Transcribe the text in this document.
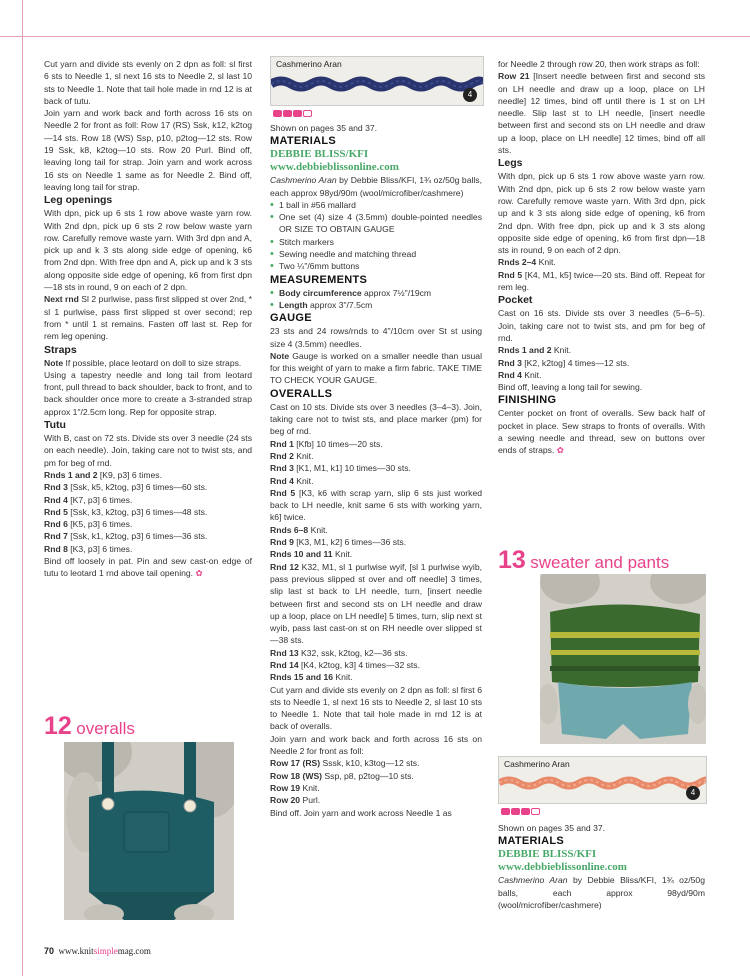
Cut yarn and divide sts evenly on 2 dpn as foll: sl first 6 sts to Needle 1, sl next 16 sts to Needle 2, sl last 10 sts to Needle 1. Note that tail hole made in rnd 12 is at back of tutu.

Join yarn and work back and forth across 16 sts on Needle 2 for front as foll: Row 17 (RS) Ssk, k12, k2tog—14 sts. Row 18 (WS) Ssp, p10, p2tog—12 sts. Row 19 Ssk, k8, k2tog—10 sts. Row 20 Purl. Bind off, leaving long tail for strap. Join yarn and work across 16 sts on Needle 1 same as for Needle 2. Bind off, leaving long tail for strap.

Leg openings

With dpn, pick up 6 sts 1 row above waste yarn row. With 2nd dpn, pick up 6 sts 2 row below waste yarn row. Carefully remove waste yarn. With 3rd dpn and A, pick up and k 3 sts along side edge of opening, k6 from 2nd dpn. With free dpn and A, pick up and k 3 sts along opposite side edge of opening, k6 from first dpn—18 sts in round, 9 on each of 2 dpn.

Next rnd Sl 2 purlwise, pass first slipped st over 2nd, * sl 1 purlwise, pass first slipped st over second; rep from * until 1 st remains. Fasten off last st. Rep for rem leg opening.

Straps

Note If possible, place leotard on doll to size straps.

Using a tapestry needle and long tail from leotard front, pull thread to back shoulder, back to front, and to back shoulder once more to create a 3-stranded strap approx 1"/2.5cm long. Rep for opposite strap.

Tutu

With B, cast on 72 sts. Divide sts over 3 needle (24 sts on each needle). Join, taking care not to twist sts, and pm for beg of rnd.

Rnds 1 and 2 [K9, p3] 6 times.

Rnd 3 [Ssk, k5, k2tog, p3] 6 times—60 sts.

Rnd 4 [K7, p3] 6 times.

Rnd 5 [Ssk, k3, k2tog, p3] 6 times—48 sts.

Rnd 6 [K5, p3] 6 times.

Rnd 7 [Ssk, k1, k2tog, p3] 6 times—36 sts.

Rnd 8 [K3, p3] 6 times.

Bind off loosely in pat. Pin and sew cast-on edge of tutu to leotard 1 rnd above tail opening. ✿

12 overalls
Cashmerino Aran
4

Shown on pages 35 and 37.

MATERIALS
DEBBIE BLISS/KFI
www.debbieblissonline.com

Cashmerino Aran by Debbie Bliss/KFI, 1¾ oz/50g balls, each approx 98yd/90m (wool/microfiber/cashmere)

• 1 ball in #56 mallard
• One set (4) size 4 (3.5mm) double-pointed needles OR SIZE TO OBTAIN GAUGE
• Stitch markers
• Sewing needle and matching thread
• Two ¼"/6mm buttons
MEASUREMENTS
• Body circumference approx 7½"/19cm
• Length approx 3"/7.5cm
GAUGE

23 sts and 24 rows/rnds to 4"/10cm over St st using size 4 (3.5mm) needles.

Note Gauge is worked on a smaller needle than usual for this weight of yarn to make a firm fabric. TAKE TIME TO CHECK YOUR GAUGE.

OVERALLS

Cast on 10 sts. Divide sts over 3 needles (3–4–3). Join, taking care not to twist sts, and place marker (pm) for beg of rnd.

Rnd 1 [Kfb] 10 times—20 sts.

Rnd 2 Knit.

Rnd 3 [K1, M1, k1] 10 times—30 sts.

Rnd 4 Knit.

Rnd 5 [K3, k6 with scrap yarn, slip 6 sts just worked back to LH needle, knit same 6 sts with working yarn, k6] twice.

Rnds 6–8 Knit.

Rnd 9 [K3, M1, k2] 6 times—36 sts.

Rnds 10 and 11 Knit.

Rnd 12 K32, M1, sl 1 purlwise wyif, [sl 1 purlwise wyib, pass previous slipped st over and off needle] 3 times, slip last st back to LH needle, turn, [insert needle between first and second sts on LH needle and draw up a loop, place on LH needle] 5 times, turn, slip next st wyib, pass last cast-on st on RH needle over slipped st—38 sts.

Rnd 13 K32, ssk, k2tog, k2—36 sts.

Rnd 14 [K4, k2tog, k3] 4 times—32 sts.

Rnds 15 and 16 Knit.

Cut yarn and divide sts evenly on 2 dpn as foll: sl first 6 sts to Needle 1, sl next 16 sts to Needle 2, sl last 10 sts to Needle 1. Note that tail hole made in rnd 12 is at back of overalls.

Join yarn and work back and forth across 16 sts on Needle 2 for front as foll:

Row 17 (RS) Sssk, k10, k3tog—12 sts.

Row 18 (WS) Ssp, p8, p2tog—10 sts.

Row 19 Knit.

Row 20 Purl.

Bind off. Join yarn and work across Needle 1 as

for Needle 2 through row 20, then work straps as foll:

Row 21 [Insert needle between first and second sts on LH needle and draw up a loop, place on LH needle] 12 times, bind off until there is 1 st on LH needle. Slip last st to LH needle, [insert needle between first and second sts on LH needle and draw up a loop, place on LH needle] 12 times, bind off all sts.

Legs

With dpn, pick up 6 sts 1 row above waste yarn row. With 2nd dpn, pick up 6 sts 2 row below waste yarn row. Carefully remove waste yarn. With 3rd dpn, pick up and k 3 sts along side edge of opening, k6 from 2nd dpn. With free dpn, pick up and k 3 sts along opposite side edge of opening, k6 from first dpn—18 sts in round, 9 on each of 2 dpn.

Rnds 2–4 Knit.

Rnd 5 [K4, M1, k5] twice—20 sts. Bind off. Repeat for rem leg.

Pocket

Cast on 16 sts. Divide sts over 3 needles (5–6–5). Join, taking care not to twist sts, and pm for beg of rnd.

Rnds 1 and 2 Knit.

Rnd 3 [K2, k2tog] 4 times—12 sts.

Rnd 4 Knit.

Bind off, leaving a long tail for sewing.

FINISHING

Center pocket on front of overalls. Sew back half of pocket in place. Sew straps to fronts of overalls. With a sewing needle and thread, sew on buttons over ends of straps. ✿

13 sweater and pants
Cashmerino Aran
4

Shown on pages 35 and 37.

MATERIALS
DEBBIE BLISS/KFI
www.debbieblissonline.com

Cashmerino Aran by Debbie Bliss/KFI, 1¾ oz/50g balls, each approx 98yd/90m (wool/microfiber/cashmere)

70 www.knitsimplemag.com
